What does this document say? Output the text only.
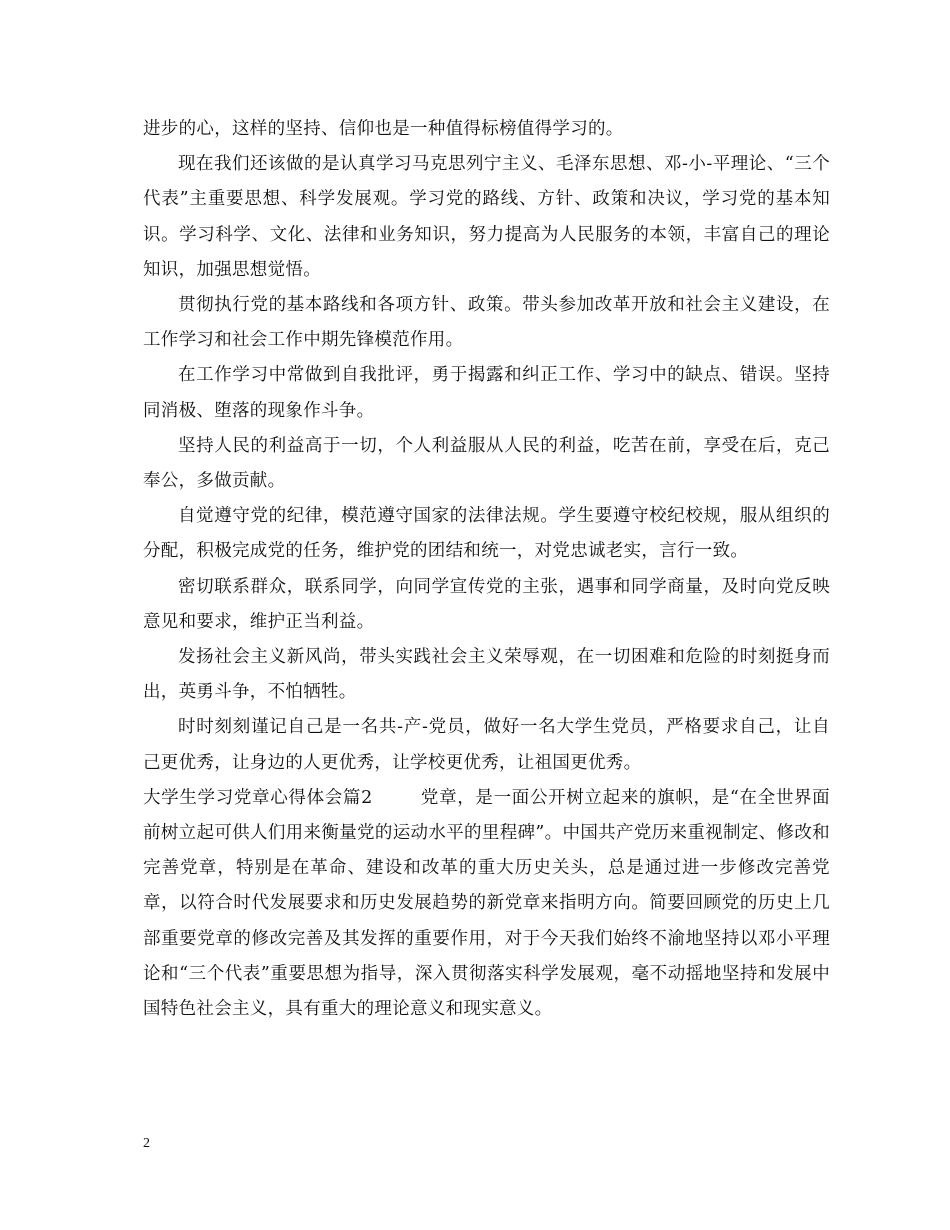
进步的心，这样的坚持、信仰也是一种值得标榜值得学习的。

现在我们还该做的是认真学习马克思列宁主义、毛泽东思想、邓-小-平理论、“三个代表”主重要思想、科学发展观。学习党的路线、方针、政策和决议，学习党的基本知识。学习科学、文化、法律和业务知识，努力提高为人民服务的本领，丰富自己的理论知识，加强思想觉悟。

贯彻执行党的基本路线和各项方针、政策。带头参加改革开放和社会主义建设，在工作学习和社会工作中期先锋模范作用。

在工作学习中常做到自我批评，勇于揭露和纠正工作、学习中的缺点、错误。坚持同消极、堕落的现象作斗争。

坚持人民的利益高于一切，个人利益服从人民的利益，吃苦在前，享受在后，克己奉公，多做贡献。

自觉遵守党的纪律，模范遵守国家的法律法规。学生要遵守校纪校规，服从组织的分配，积极完成党的任务，维护党的团结和统一，对党忠诚老实，言行一致。

密切联系群众，联系同学，向同学宣传党的主张，遇事和同学商量，及时向党反映意见和要求，维护正当利益。

发扬社会主义新风尚，带头实践社会主义荣辱观，在一切困难和危险的时刻挺身而出，英勇斗争，不怕牺牲。

时时刻刻谨记自己是一名共-产-党员，做好一名大学生党员，严格要求自己，让自己更优秀，让身边的人更优秀，让学校更优秀，让祖国更优秀。

大学生学习党章心得体会篇2	党章，是一面公开树立起来的旗帜，是“在全世界面前树立起可供人们用来衡量党的运动水平的里程碑”。中国共产党历来重视制定、修改和完善党章，特别是在革命、建设和改革的重大历史关头，总是通过进一步修改完善党章，以符合时代发展要求和历史发展趋势的新党章来指明方向。简要回顾党的历史上几部重要党章的修改完善及其发挥的重要作用，对于今天我们始终不渝地坚持以邓小平理论和“三个代表”重要思想为指导，深入贯彻落实科学发展观，毫不动摇地坚持和发展中国特色社会主义，具有重大的理论意义和现实意义。

2
